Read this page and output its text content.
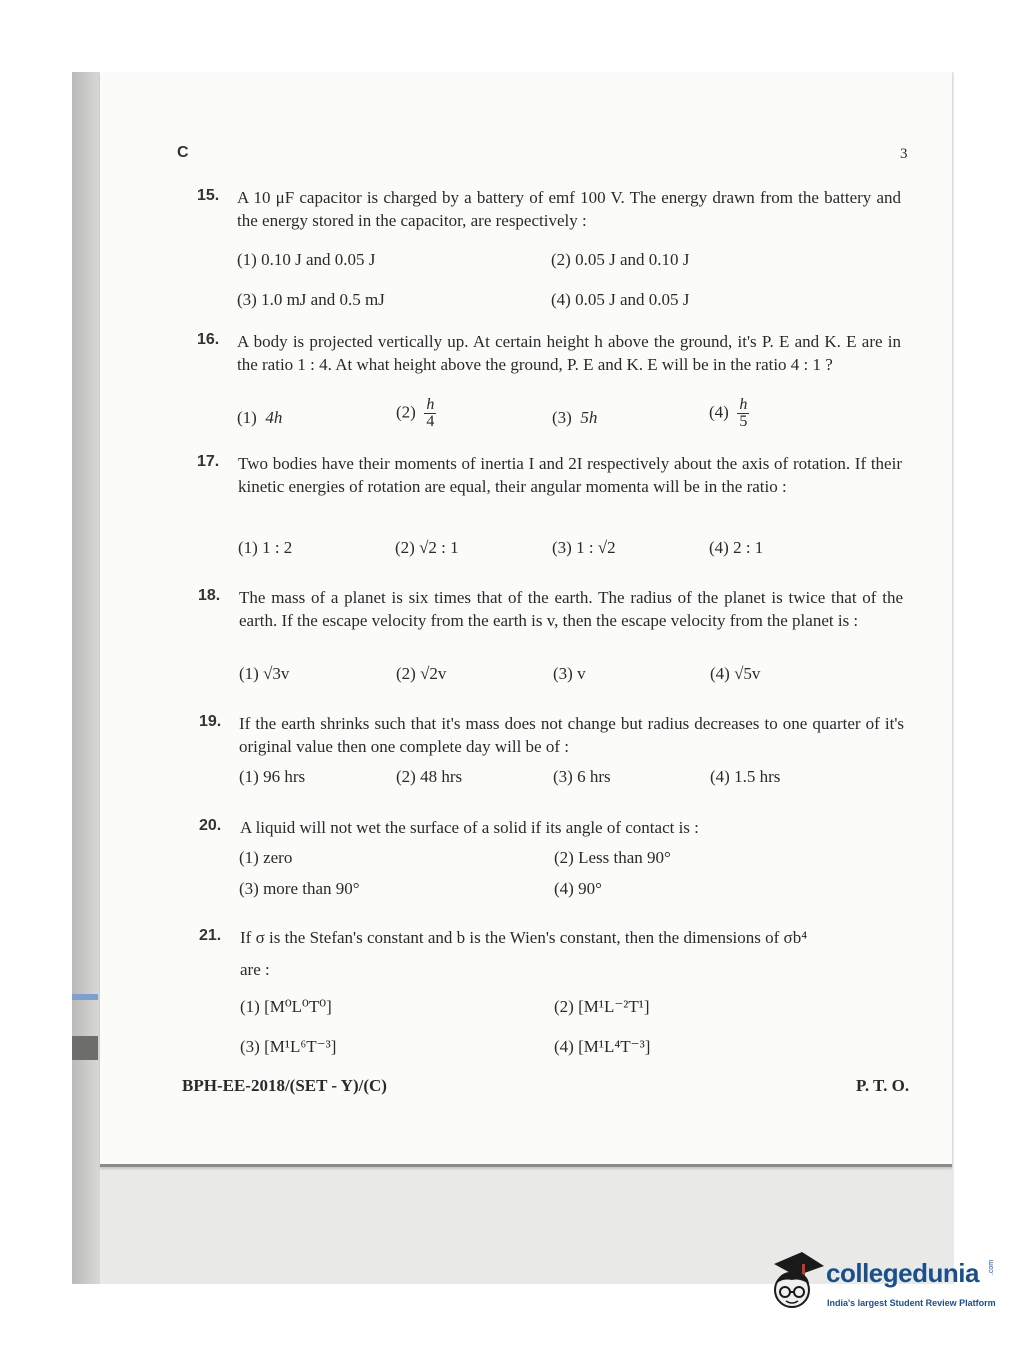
C	3
15. A 10 μF capacitor is charged by a battery of emf 100 V. The energy drawn from the battery and the energy stored in the capacitor, are respectively :
(1) 0.10 J and 0.05 J	(2) 0.05 J and 0.10 J
(3) 1.0 mJ and 0.5 mJ	(4) 0.05 J and 0.05 J
16. A body is projected vertically up. At certain height h above the ground, it's P. E and K. E are in the ratio 1 : 4. At what height above the ground, P. E and K. E will be in the ratio 4 : 1 ?
(1) 4h	$(2) \frac{h}{4}$	(3) 5h	$(4) \frac{h}{5}$
17. Two bodies have their moments of inertia I and 2I respectively about the axis of rotation. If their kinetic energies of rotation are equal, their angular momenta will be in the ratio :
(1) 1 : 2	(2) √2 : 1	(3) 1 : √2	(4) 2 : 1
18. The mass of a planet is six times that of the earth. The radius of the planet is twice that of the earth. If the escape velocity from the earth is v, then the escape velocity from the planet is :
(1) √3v	(2) √2v	(3) v	(4) √5v
19. If the earth shrinks such that it's mass does not change but radius decreases to one quarter of it's original value then one complete day will be of :
(1) 96 hrs	(2) 48 hrs	(3) 6 hrs	(4) 1.5 hrs
20. A liquid will not wet the surface of a solid if its angle of contact is :
(1) zero	(2) Less than 90°
(3) more than 90°	(4) 90°
21. If σ is the Stefan's constant and b is the Wien's constant, then the dimensions of σb⁴
are :
(1) [M⁰L⁰T⁰]	(2) [M¹L⁻²T¹]
(3) [M¹L⁶T⁻³]	(4) [M¹L⁴T⁻³]
BPH-EE-2018/(SET - Y)/(C)	P. T. O.
collegedunia .com
India's largest Student Review Platform
